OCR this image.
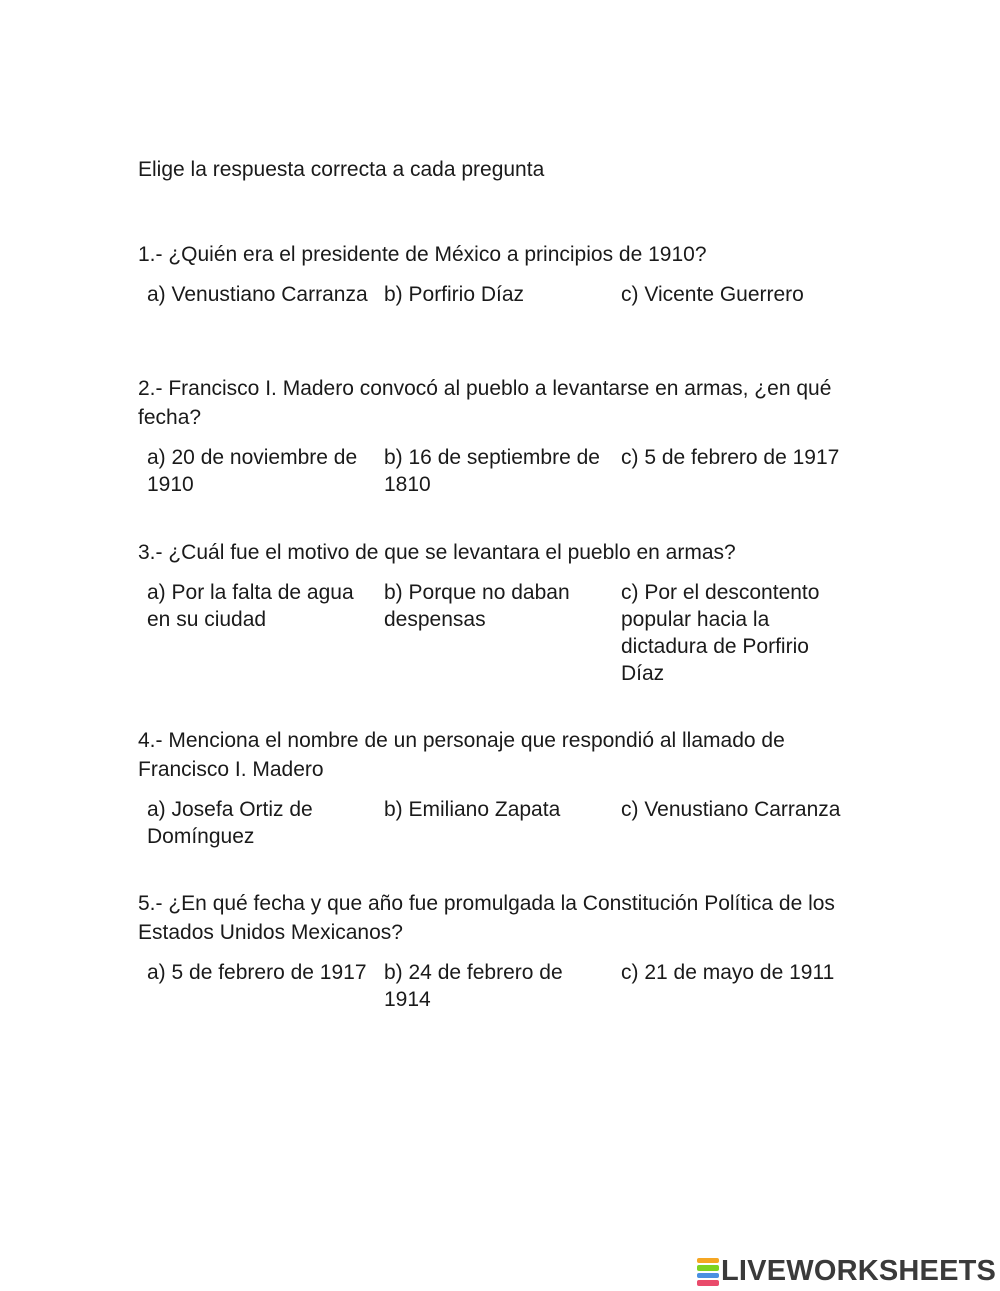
Elige la respuesta correcta a cada pregunta

1.- ¿Quién era el presidente de México a principios de 1910?

a) Venustiano Carranza b) Porfirio Díaz	c) Vicente Guerrero

2.- Francisco I. Madero convocó al pueblo a levantarse en armas, ¿en qué fecha?

a) 20 de noviembre de 1910
b) 16 de septiembre de 1810
c) 5 de febrero de 1917

3.- ¿Cuál fue el motivo de que se levantara el pueblo en armas?

a) Por la falta de agua en su ciudad
b) Porque no daban despensas
c) Por el descontento popular hacia la dictadura de Porfirio Díaz

4.- Menciona el nombre de un personaje que respondió al llamado de Francisco I. Madero

a) Josefa Ortiz de Domínguez
b) Emiliano Zapata	c) Venustiano Carranza

5.- ¿En qué fecha y que año fue promulgada la Constitución Política de los Estados Unidos Mexicanos?

a) 5 de febrero de 1917 b) 24 de febrero de 1914
c) 21 de mayo de 1911
LIVEWORKSHEETS
